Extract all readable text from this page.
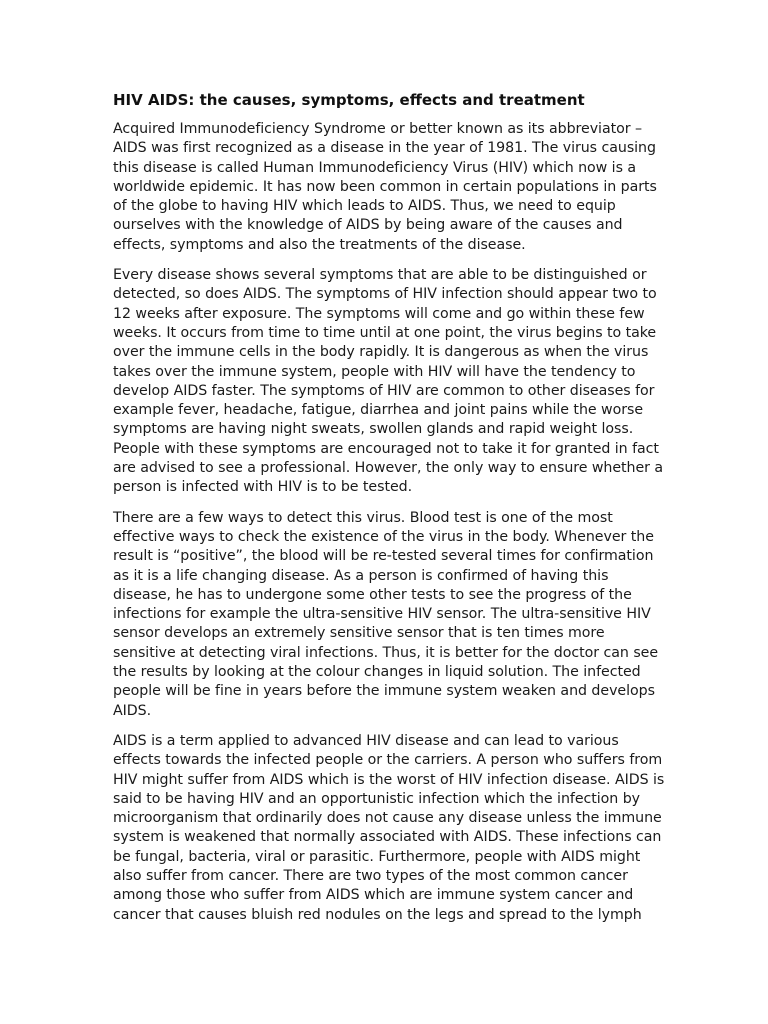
HIV AIDS: the causes, symptoms, effects and treatment

Acquired Immunodeficiency Syndrome or better known as its abbreviator –
AIDS was first recognized as a disease in the year of 1981. The virus causing
this disease is called Human Immunodeficiency Virus (HIV) which now is a
worldwide epidemic. It has now been common in certain populations in parts
of the globe to having HIV which leads to AIDS. Thus, we need to equip
ourselves with the knowledge of AIDS by being aware of the causes and
effects, symptoms and also the treatments of the disease.

Every disease shows several symptoms that are able to be distinguished or
detected, so does AIDS. The symptoms of HIV infection should appear two to
12 weeks after exposure. The symptoms will come and go within these few
weeks. It occurs from time to time until at one point, the virus begins to take
over the immune cells in the body rapidly. It is dangerous as when the virus
takes over the immune system, people with HIV will have the tendency to
develop AIDS faster. The symptoms of HIV are common to other diseases for
example fever, headache, fatigue, diarrhea and joint pains while the worse
symptoms are having night sweats, swollen glands and rapid weight loss.
People with these symptoms are encouraged not to take it for granted in fact
are advised to see a professional. However, the only way to ensure whether a
person is infected with HIV is to be tested.

There are a few ways to detect this virus. Blood test is one of the most
effective ways to check the existence of the virus in the body. Whenever the
result is “positive”, the blood will be re-tested several times for confirmation
as it is a life changing disease. As a person is confirmed of having this
disease, he has to undergone some other tests to see the progress of the
infections for example the ultra-sensitive HIV sensor. The ultra-sensitive HIV
sensor develops an extremely sensitive sensor that is ten times more
sensitive at detecting viral infections. Thus, it is better for the doctor can see
the results by looking at the colour changes in liquid solution. The infected
people will be fine in years before the immune system weaken and develops
AIDS.

AIDS is a term applied to advanced HIV disease and can lead to various
effects towards the infected people or the carriers. A person who suffers from
HIV might suffer from AIDS which is the worst of HIV infection disease. AIDS is
said to be having HIV and an opportunistic infection which the infection by
microorganism that ordinarily does not cause any disease unless the immune
system is weakened that normally associated with AIDS. These infections can
be fungal, bacteria, viral or parasitic. Furthermore, people with AIDS might
also suffer from cancer. There are two types of the most common cancer
among those who suffer from AIDS which are immune system cancer and
cancer that causes bluish red nodules on the legs and spread to the lymph
